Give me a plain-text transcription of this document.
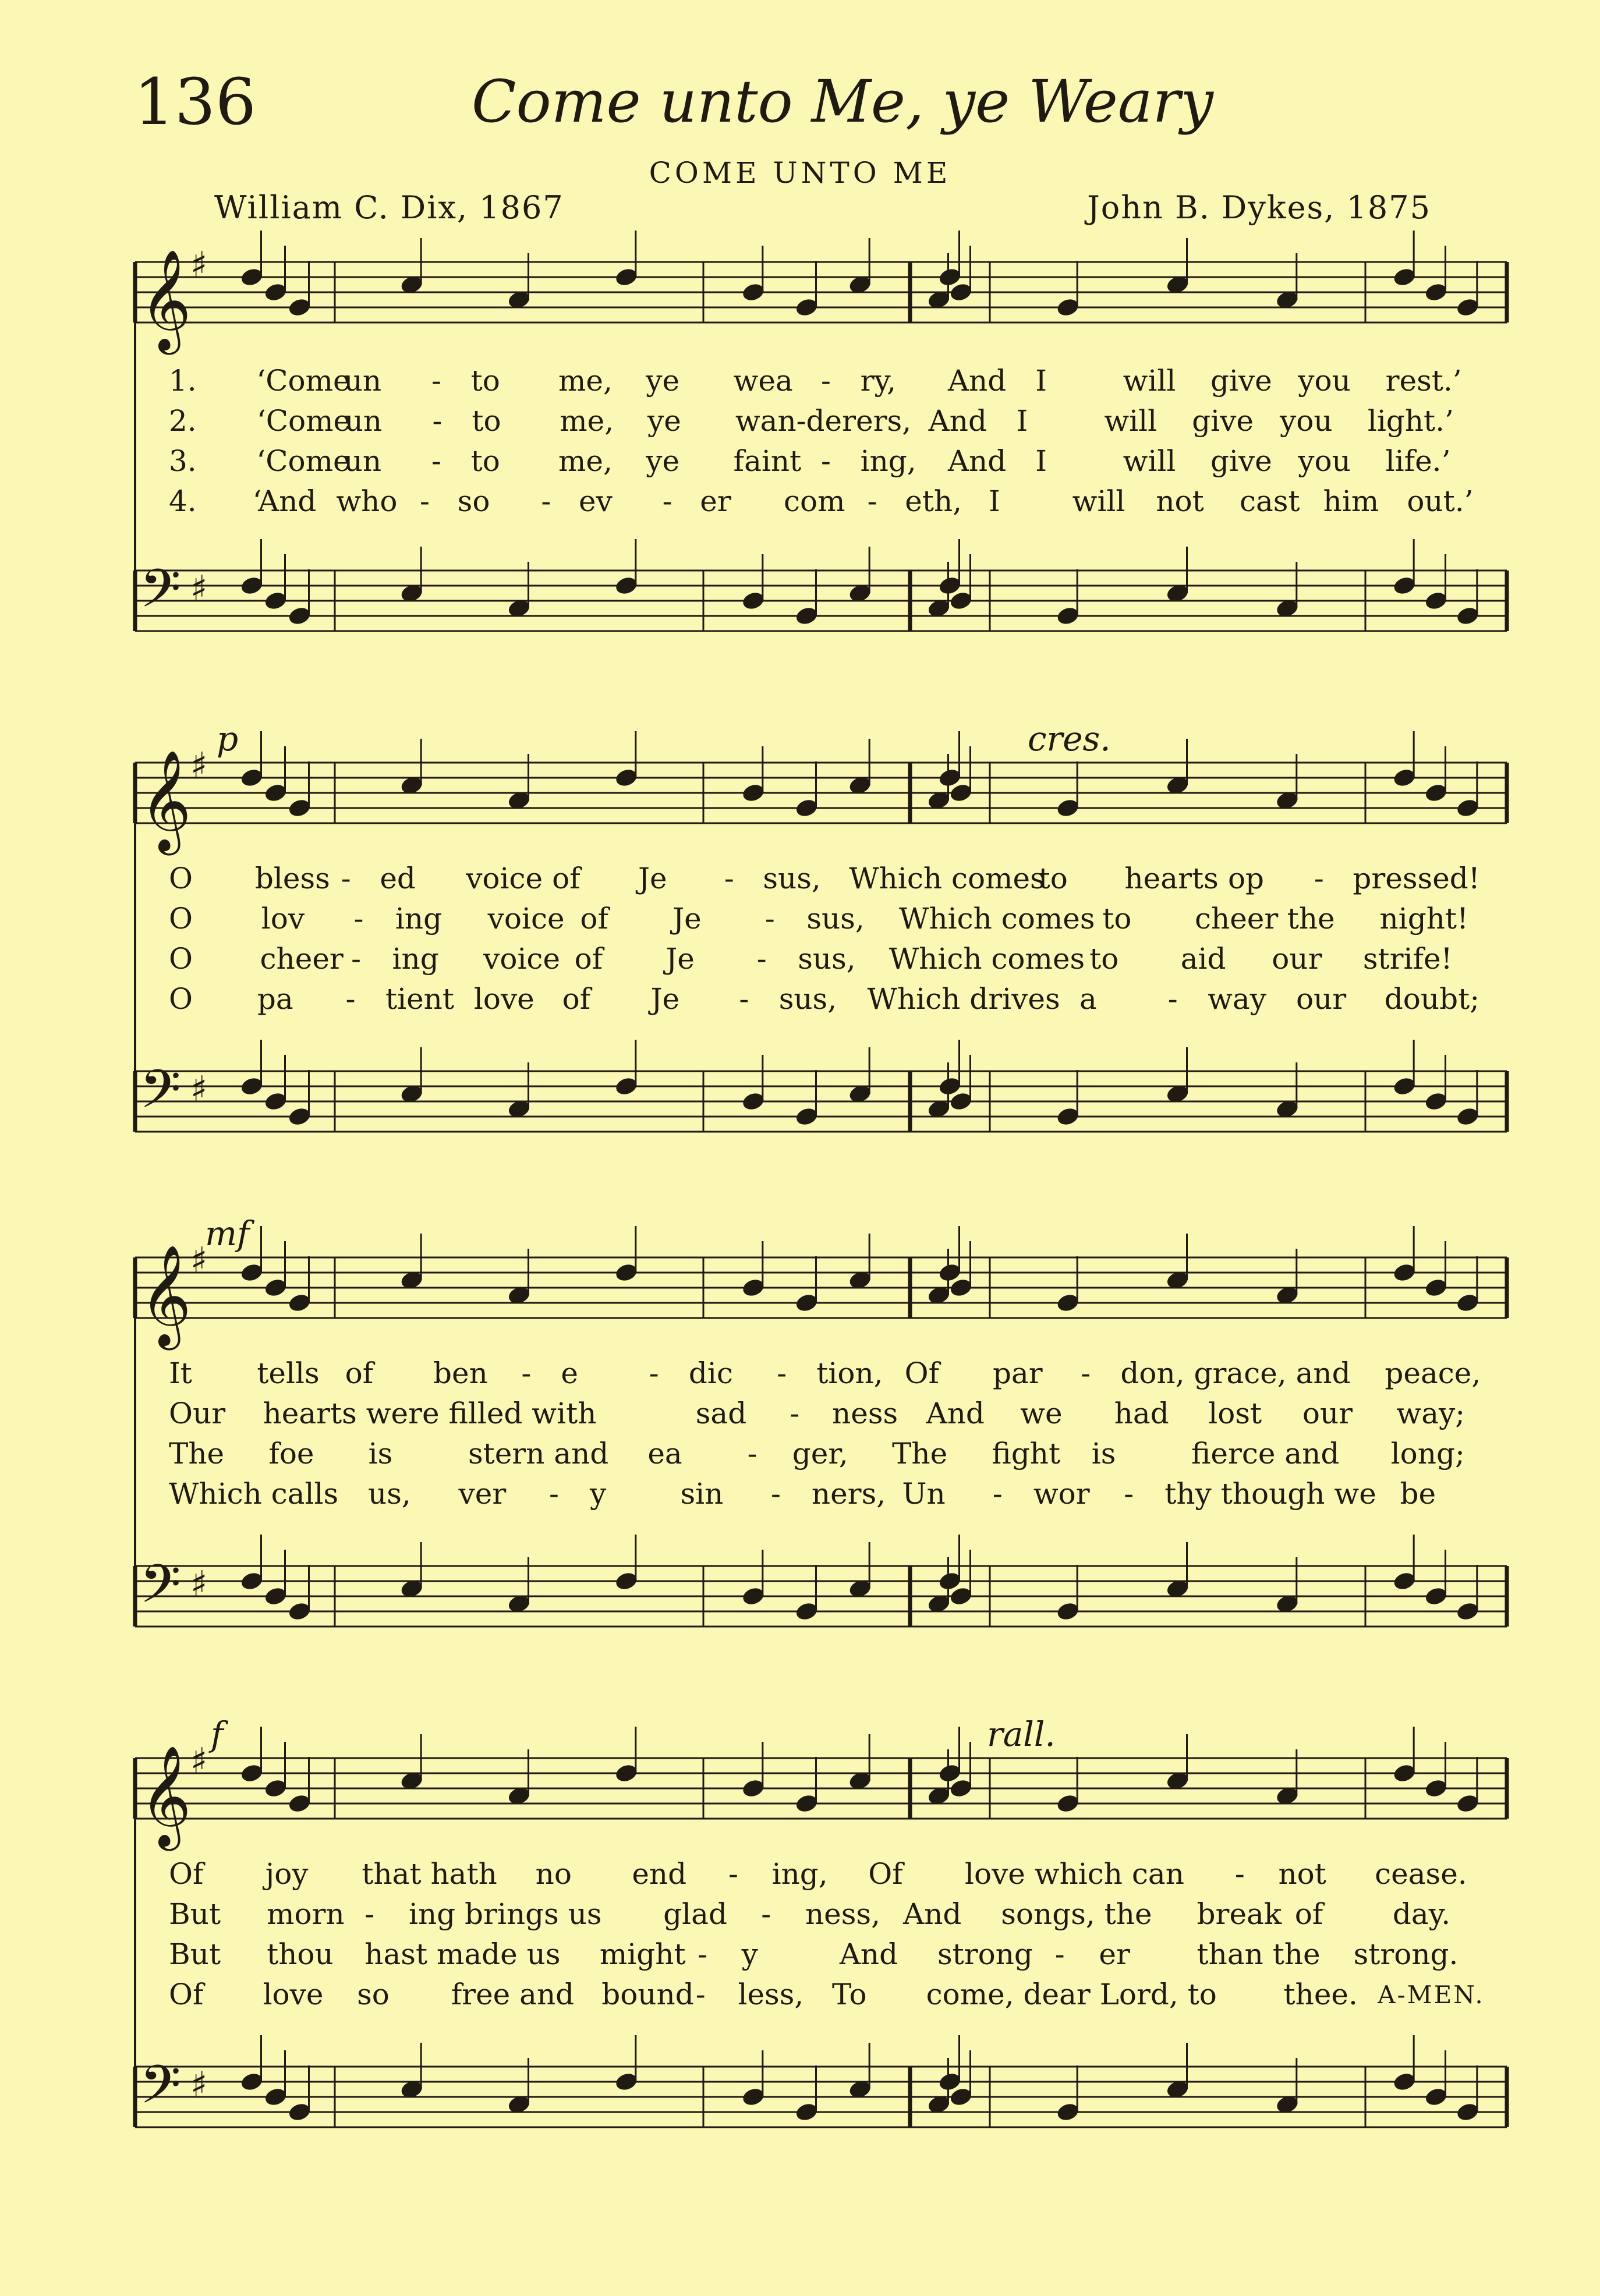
136	Come unto Me, ye Weary
COME UNTO ME
William C. Dix, 1867	John B. Dykes, 1875
𝄞
♯
𝄢 ♯
1. ‘Come
un - to me, ye wea - ry, And I	will give you rest.’
2. ‘Come
un - to me, ye wan-derers, And I	will give you light.’
3. ‘Come
un - to me, ye faint - ing, And I	will give you life.’
4. ‘And who - so - ev - er com - eth, I will not cast him out.’
𝄞
♯
𝄢 ♯
p	cres.
O bless - ed voice of Je - sus, Which comes
to hearts op - pressed!
O lov - ing voice of Je - sus, Which comes to cheer the night!
O cheer - ing voice of Je - sus, Which comes to aid our strife!
O pa - tient love of Je - sus, Which drives a - way our doubt;
𝄞
♯
𝄢 ♯
mf
It tells of ben - e - dic - tion, Of par - don, grace, and peace,
Our hearts were filled with	sad - ness And we had lost our way;
The foe is	stern and ea - ger, The fight is	fierce and long;
Which calls us, ver - y	sin - ners, Un - wor - thy though we be
𝄞
♯
𝄢 ♯
f	rall.
Of joy that hath no end - ing, Of love which can - not cease.
But morn - ing brings us glad - ness, And songs, the break of day.
But thou hast made us might - y	And strong - er than the strong.
Of love so free and bound - less, To come, dear Lord, to thee. A-MEN.
